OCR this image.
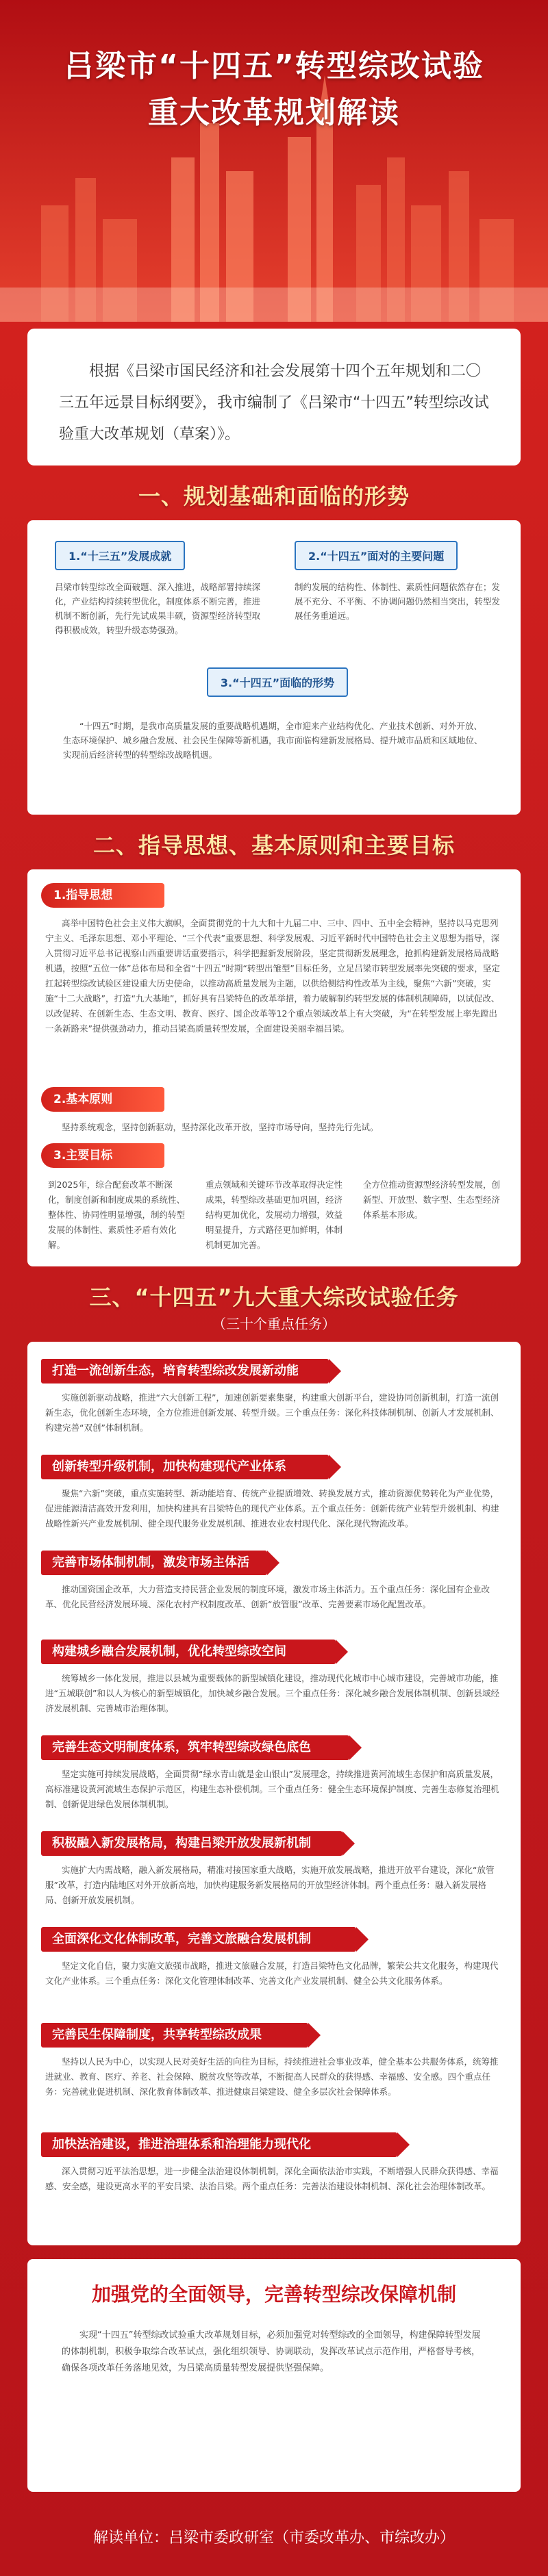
吕梁市“十四五”转型综改试验
重大改革规划解读
根据《吕梁市国民经济和社会发展第十四个五年规划和二〇三五年远景目标纲要》，我市编制了《吕梁市“十四五”转型综改试验重大改革规划（草案）》。
一、规划基础和面临的形势
1.“十三五”发展成就
吕梁市转型综改全面破题、深入推进，战略部署持续深化，产业结构持续转型优化，制度体系不断完善，推进机制不断创新，先行先试成果丰硕，资源型经济转型取得积极成效，转型升级态势强劲。
2.“十四五”面对的主要问题
制约发展的结构性、体制性、素质性问题依然存在；发展不充分、不平衡、不协调问题仍然相当突出，转型发展任务重道远。
3.“十四五”面临的形势
“十四五”时期，是我市高质量发展的重要战略机遇期，全市迎来产业结构优化、产业技术创新、对外开放、生态环境保护、城乡融合发展、社会民生保障等新机遇，我市面临构建新发展格局、提升城市品质和区域地位、实现前后经济转型的转型综改战略机遇。
二、指导思想、基本原则和主要目标
1.指导思想
高举中国特色社会主义伟大旗帜，全面贯彻党的十九大和十九届二中、三中、四中、五中全会精神，坚持以马克思列宁主义、毛泽东思想、邓小平理论、“三个代表”重要思想、科学发展观、习近平新时代中国特色社会主义思想为指导，深入贯彻习近平总书记视察山西重要讲话重要指示，科学把握新发展阶段，坚定贯彻新发展理念，抢抓构建新发展格局战略机遇，按照“五位一体”总体布局和全省“十四五”时期“转型出雏型”目标任务，立足吕梁市转型发展率先突破的要求，坚定扛起转型综改试验区建设重大历史使命，以推动高质量发展为主题，以供给侧结构性改革为主线，聚焦“六新”突破，实施“十二大战略”，打造“九大基地”，抓好具有吕梁特色的改革举措，着力破解制约转型发展的体制机制障碍，以试促改、以改促转、在创新生态、生态文明、教育、医疗、国企改革等12个重点领域改革上有大突破，为“在转型发展上率先蹚出一条新路来”提供强劲动力，推动吕梁高质量转型发展，全面建设美丽幸福吕梁。
2.基本原则
坚持系统观念，坚持创新驱动，坚持深化改革开放，坚持市场导向，坚持先行先试。
3.主要目标
到2025年，综合配套改革不断深化，制度创新和制度成果的系统性、整体性、协同性明显增强，制约转型发展的体制性、素质性矛盾有效化解。
重点领域和关键环节改革取得决定性成果，转型综改基础更加巩固，经济结构更加优化，发展动力增强，效益明显提升，方式路径更加鲜明，体制机制更加完善。
全方位推动资源型经济转型发展，创新型、开放型、数字型、生态型经济体系基本形成。
三、“十四五”九大重大综改试验任务
（三十个重点任务）
打造一流创新生态，培育转型综改发展新动能
实施创新驱动战略，推进“六大创新工程”，加速创新要素集聚，构建重大创新平台，建设协同创新机制，打造一流创新生态，优化创新生态环境，全方位推进创新发展、转型升级。三个重点任务：深化科技体制机制、创新人才发展机制、构建完善“双创”体制机制。
创新转型升级机制，加快构建现代产业体系
聚焦“六新”突破，重点实施转型、新动能培育、传统产业提质增效、转换发展方式，推动资源优势转化为产业优势，促进能源清洁高效开发利用，加快构建具有吕梁特色的现代产业体系。五个重点任务：创新传统产业转型升级机制、构建战略性新兴产业发展机制、健全现代服务业发展机制、推进农业农村现代化、深化现代物流改革。
完善市场体制机制，激发市场主体活力
推动国资国企改革，大力营造支持民营企业发展的制度环境，激发市场主体活力。五个重点任务：深化国有企业改革、优化民营经济发展环境、深化农村产权制度改革、创新“放管服”改革、完善要素市场化配置改革。
构建城乡融合发展机制，优化转型综改空间
统筹城乡一体化发展，推进以县城为重要载体的新型城镇化建设，推动现代化城市中心城市建设，完善城市功能，推进“五城联创”和以人为核心的新型城镇化，加快城乡融合发展。三个重点任务：深化城乡融合发展体制机制、创新县域经济发展机制、完善城市治理体制。
完善生态文明制度体系，筑牢转型综改绿色底色
坚定实施可持续发展战略，全面贯彻“绿水青山就是金山银山”发展理念，持续推进黄河流域生态保护和高质量发展，高标准建设黄河流域生态保护示范区，构建生态补偿机制。三个重点任务：健全生态环境保护制度、完善生态修复治理机制、创新促进绿色发展体制机制。
积极融入新发展格局，构建吕梁开放发展新机制
实施扩大内需战略，融入新发展格局，精准对接国家重大战略，实施开放发展战略，推进开放平台建设，深化“放管服”改革，打造内陆地区对外开放新高地，加快构建服务新发展格局的开放型经济体制。两个重点任务：融入新发展格局、创新开放发展机制。
全面深化文化体制改革，完善文旅融合发展机制
坚定文化自信，聚力实施文旅强市战略，推进文旅融合发展，打造吕梁特色文化品牌，繁荣公共文化服务，构建现代文化产业体系。三个重点任务：深化文化管理体制改革、完善文化产业发展机制、健全公共文化服务体系。
完善民生保障制度，共享转型综改成果
坚持以人民为中心，以实现人民对美好生活的向往为目标，持续推进社会事业改革，健全基本公共服务体系，统筹推进就业、教育、医疗、养老、社会保障、脱贫攻坚等改革，不断提高人民群众的获得感、幸福感、安全感。四个重点任务：完善就业促进机制、深化教育体制改革、推进健康吕梁建设、健全多层次社会保障体系。
加快法治建设，推进治理体系和治理能力现代化
深入贯彻习近平法治思想，进一步健全法治建设体制机制，深化全面依法治市实践，不断增强人民群众获得感、幸福感、安全感，建设更高水平的平安吕梁、法治吕梁。两个重点任务：完善法治建设体制机制、深化社会治理体制改革。
加强党的全面领导，完善转型综改保障机制
实现“十四五”转型综改试验重大改革规划目标，必须加强党对转型综改的全面领导，构建保障转型发展的体制机制，积极争取综合改革试点，强化组织领导、协调联动，发挥改革试点示范作用，严格督导考核，确保各项改革任务落地见效，为吕梁高质量转型发展提供坚强保障。
解读单位：吕梁市委政研室（市委改革办、市综改办）
